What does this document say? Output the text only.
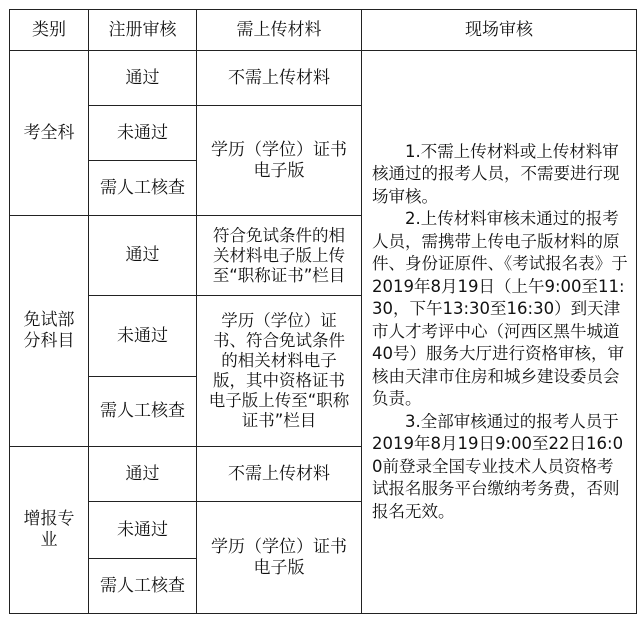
类别	注册审核	需上传材料	现场审核
考全科	通过	不需上传材料	1.不需上传材料或上传材料审核通过的报考人员，不需要进行现场审核。

2.上传材料审核未通过的报考人员，需携带上传电子版材料的原件、身份证原件、《考试报名表》于2019年8月19日（上午9:00至11:30，下午13:30至16:30）到天津市人才考评中心（河西区黑牛城道40号）服务大厅进行资格审核，审核由天津市住房和城乡建设委员会负责。

3.全部审核通过的报考人员于2019年8月19日9:00至22日16:00前登录全国专业技术人员资格考试报名服务平台缴纳考务费，否则报名无效。

	未通过	学历（学位）证书电子版	
	需人工核查		
免试部分科目	通过	符合免试条件的相关材料电子版上传至“职称证书”栏目	
	未通过	学历（学位）证书、符合免试条件的相关材料电子版，其中资格证书电子版上传至“职称证书”栏目	
	需人工核查		
增报专业	通过	不需上传材料	
	未通过	学历（学位）证书电子版	
	需人工核查		
